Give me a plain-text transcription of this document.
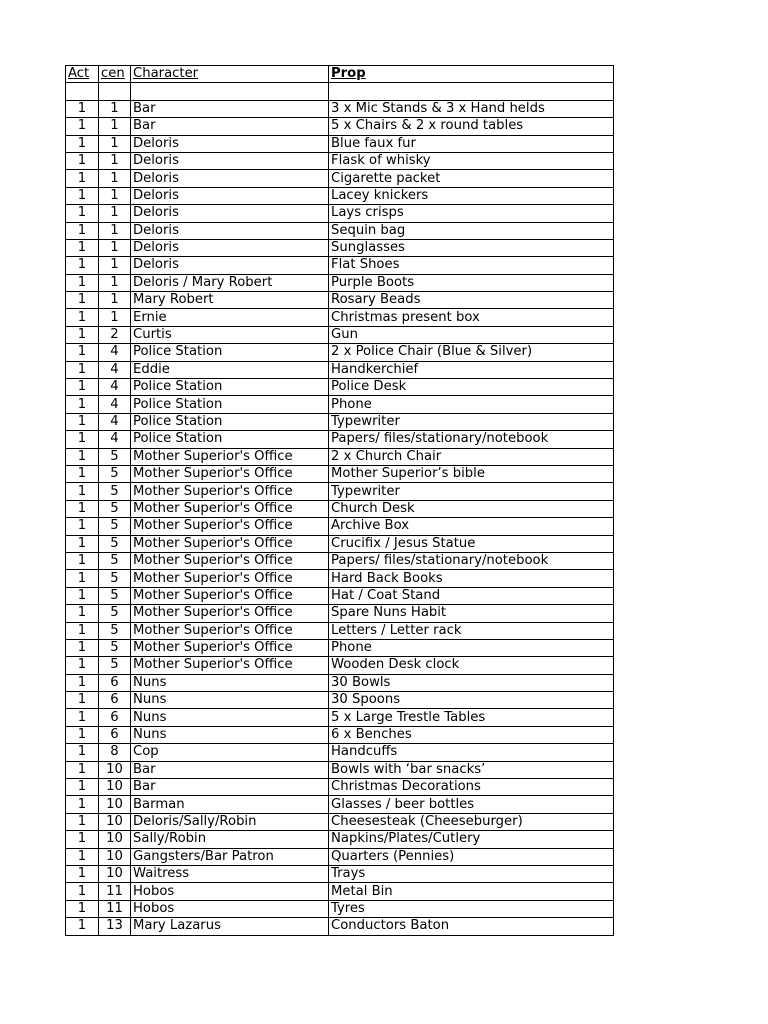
Act	cen	Character	Prop

1	1	Bar	3 x Mic Stands & 3 x Hand helds
1	1	Bar	5 x Chairs & 2 x round tables
1	1	Deloris	Blue faux fur
1	1	Deloris	Flask of whisky
1	1	Deloris	Cigarette packet
1	1	Deloris	Lacey knickers
1	1	Deloris	Lays crisps
1	1	Deloris	Sequin bag
1	1	Deloris	Sunglasses
1	1	Deloris	Flat Shoes
1	1	Deloris / Mary Robert	Purple Boots
1	1	Mary Robert	Rosary Beads
1	1	Ernie	Christmas present box
1	2	Curtis	Gun
1	4	Police Station	2 x Police Chair (Blue & Silver)
1	4	Eddie	Handkerchief
1	4	Police Station	Police Desk
1	4	Police Station	Phone
1	4	Police Station	Typewriter
1	4	Police Station	Papers/ files/stationary/notebook
1	5	Mother Superior's Office	2 x Church Chair
1	5	Mother Superior's Office	Mother Superior’s bible
1	5	Mother Superior's Office	Typewriter
1	5	Mother Superior's Office	Church Desk
1	5	Mother Superior's Office	Archive Box
1	5	Mother Superior's Office	Crucifix / Jesus Statue
1	5	Mother Superior's Office	Papers/ files/stationary/notebook
1	5	Mother Superior's Office	Hard Back Books
1	5	Mother Superior's Office	Hat / Coat Stand
1	5	Mother Superior's Office	Spare Nuns Habit
1	5	Mother Superior's Office	Letters / Letter rack
1	5	Mother Superior's Office	Phone
1	5	Mother Superior's Office	Wooden Desk clock
1	6	Nuns	30 Bowls
1	6	Nuns	30 Spoons
1	6	Nuns	5 x Large Trestle Tables
1	6	Nuns	6 x Benches
1	8	Cop	Handcuffs
1	10	Bar	Bowls with ‘bar snacks’
1	10	Bar	Christmas Decorations
1	10	Barman	Glasses / beer bottles
1	10	Deloris/Sally/Robin	Cheesesteak (Cheeseburger)
1	10	Sally/Robin	Napkins/Plates/Cutlery
1	10	Gangsters/Bar Patron	Quarters (Pennies)
1	10	Waitress	Trays
1	11	Hobos	Metal Bin
1	11	Hobos	Tyres
1	13	Mary Lazarus	Conductors Baton
